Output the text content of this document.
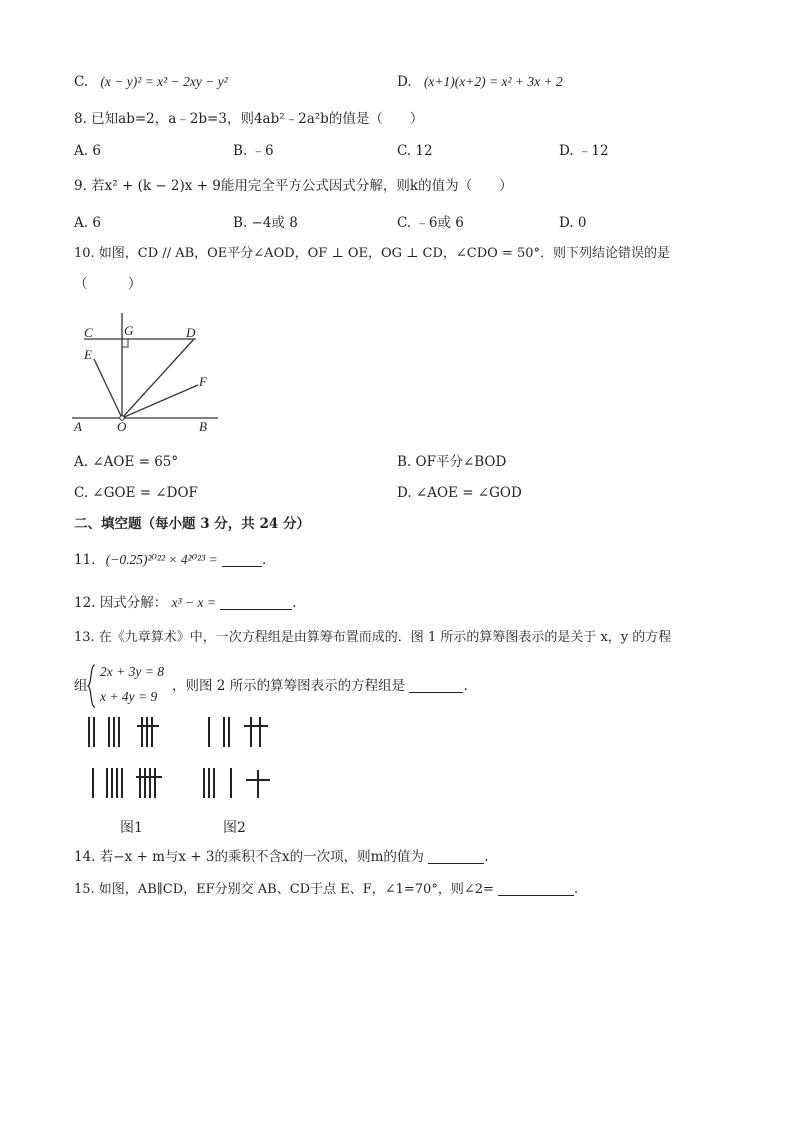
C. (x − y)² = x² − 2xy − y²	D. (x+1)(x+2) = x² + 3x + 2
8. 已知ab=2，a﹣2b=3，则4ab²﹣2a²b的值是（　　）
A. 6	B. ﹣6	C. 12	D. ﹣12
9. 若x² + (k − 2)x + 9能用完全平方公式因式分解，则k的值为（　　）
A. 6	B. −4或 8	C. ﹣6或 6	D. 0
10. 如图，CD // AB，OE平分∠AOD，OF ⊥ OE，OG ⊥ CD，∠CDO = 50°．则下列结论错误的是
（　　　）
C G	D
E
F
A	O	B
A. ∠AOE = 65°	B. OF平分∠BOD
C. ∠GOE = ∠DOF	D. ∠AOE = ∠GOD
二、填空题（每小题 3 分，共 24 分）
11. (−0.25)²⁰²² × 4²⁰²³ =	.
12. 因式分解： x³ − x =	.
13. 在《九章算术》中，一次方程组是由算筹布置而成的．图 1 所示的算筹图表示的是关于 x，y 的方程
组
2x + 3y = 8
x + 4y = 9
，则图 2 所示的算筹图表示的方程组是	.
图1	图2
14. 若−x + m与x + 3的乘积不含x的一次项，则m的值为	.
15. 如图，AB∥CD，EF分别交 AB、CD于点 E、F，∠1=70°，则∠2=	.
